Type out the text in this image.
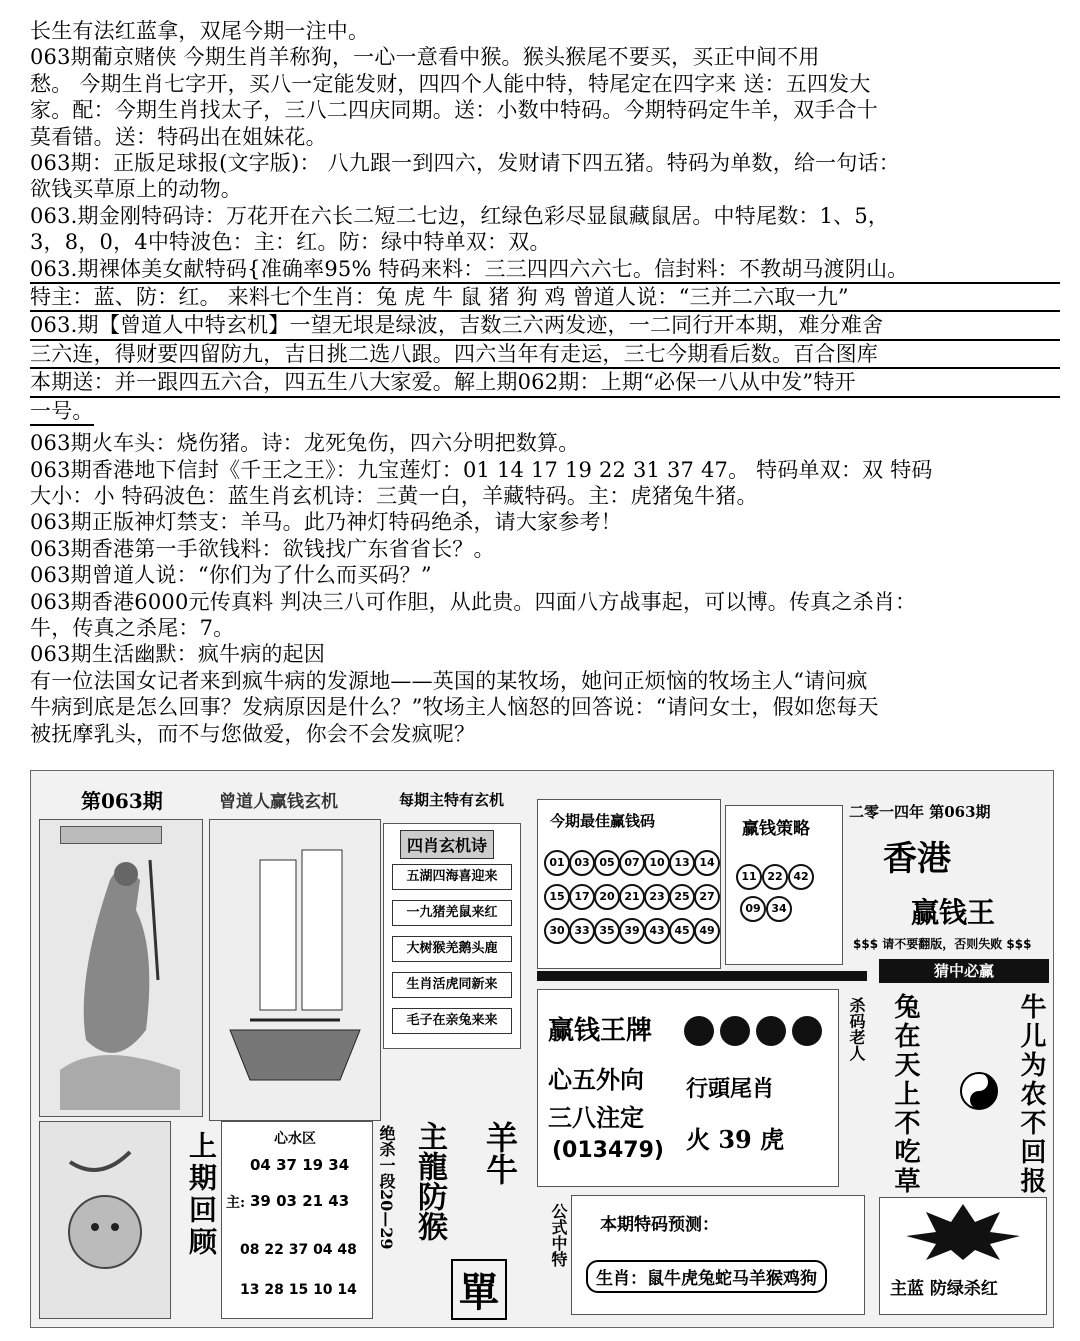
长生有法红蓝拿，双尾今期一注中。
063期葡京赌侠 今期生肖羊称狗，一心一意看中猴。猴头猴尾不要买，买正中间不用
愁。 今期生肖七字开，买八一定能发财，四四个人能中特，特尾定在四字来 送：五四发大
家。配：今期生肖找太子，三八二四庆同期。送：小数中特码。今期特码定牛羊，双手合十
莫看错。送：特码出在姐妹花。
063期：正版足球报(文字版)： 八九跟一到四六，发财请下四五猪。特码为单数，给一句话：
欲钱买草原上的动物。
063.期金刚特码诗：万花开在六长二短二七边，红绿色彩尽显鼠藏鼠居。中特尾数：1、5，
3，8，0，4中特波色：主：红。防：绿中特单双：双。
063.期裸体美女献特码{准确率95% 特码来料：三三四四六六七。信封料：不教胡马渡阴山。
特主：蓝、防：红。 来料七个生肖：兔 虎 牛 鼠 猪 狗 鸡 曾道人说：“三并二六取一九”
063.期【曾道人中特玄机】一望无垠是绿波，吉数三六两发迹，一二同行开本期，难分难舍
三六连，得财要四留防九，吉日挑二选八跟。四六当年有走运，三七今期看后数。百合图库
本期送：并一跟四五六合，四五生八大家爱。解上期062期：上期“必保一八从中发”特开
一号。
063期火车头：烧伤猪。诗：龙死兔伤，四六分明把数算。
063期香港地下信封《千王之王》：九宝莲灯：01 14 17 19 22 31 37 47。 特码单双：双 特码
大小：小 特码波色：蓝生肖玄机诗：三黄一白，羊藏特码。主：虎猪兔牛猪。
063期正版神灯禁支：羊马。此乃神灯特码绝杀，请大家参考！
063期香港第一手欲钱料：欲钱找广东省省长？。
063期曾道人说：“你们为了什么而买码？”
063期香港6000元传真料 判决三八可作胆，从此贵。四面八方战事起，可以博。传真之杀肖：
牛，传真之杀尾：7。
063期生活幽默：疯牛病的起因
有一位法国女记者来到疯牛病的发源地——英国的某牧场，她问正烦恼的牧场主人“请问疯
牛病到底是怎么回事？发病原因是什么？”牧场主人恼怒的回答说：“请问女士，假如您每天
被抚摩乳头，而不与您做爱，你会不会发疯呢？
第063期	曾道人赢钱玄机	每期主特有玄机
上期回顾
四肖玄机诗
五湖四海喜迎来
一九猪羌鼠来红
大树猴羌鹅头鹿
生肖活虎同新来
毛子在亲兔来来
心水区
主:
04 37 19 34
39 03 21 43
08 22 37 04 48
13 28 15 10 14
绝杀一段20—29 主龍防猴 羊牛
單
今期最佳赢钱码
01 03 05 07 10 13 14
15 17 20 21 23 25 27
30 33 35 39 43 45 49
赢钱策略
11 22 42
09 34
二零一四年 第063期
香港
赢钱王
$$$ 请不要翻版，否则失败 $$$
猜中必赢
赢钱王牌
心五外向
三八注定
(013479)
行頭尾肖
火 39 虎
杀码老人 兔在天上不吃草	牛儿为农不回报
公式中特 本期特码预测：
生肖：鼠牛虎兔蛇马羊猴鸡狗	主蓝 防绿杀红
